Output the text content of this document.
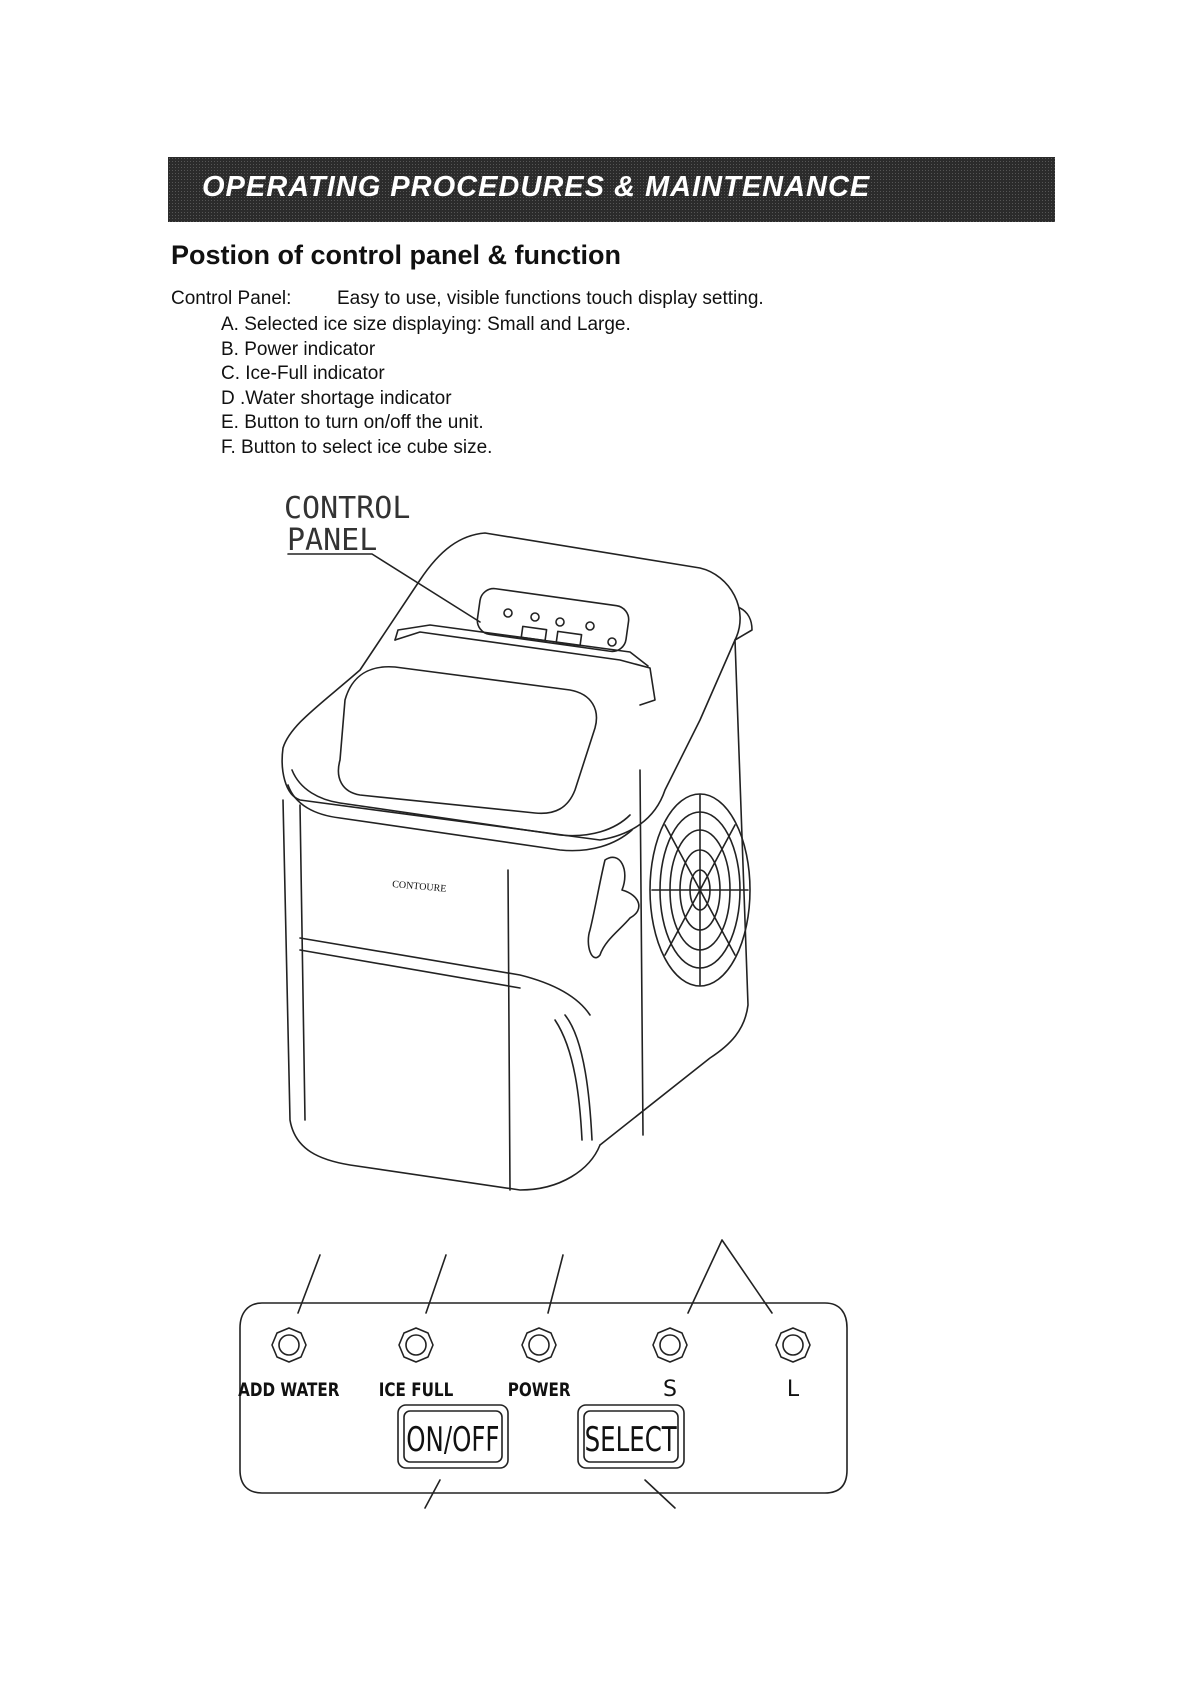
OPERATING PROCEDURES & MAINTENANCE
Postion of control panel & function
Control Panel: Easy to use, visible functions touch display setting.
A. Selected ice size displaying: Small and Large.
B. Power indicator
C. Ice-Full indicator
D .Water shortage indicator
E. Button to turn on/off the unit.
F. Button to select ice cube size.
CONTROL
PANEL
CONTOURE
ADD WATER ICE FULL	POWER	S	L
ON/OFF	SELECT
